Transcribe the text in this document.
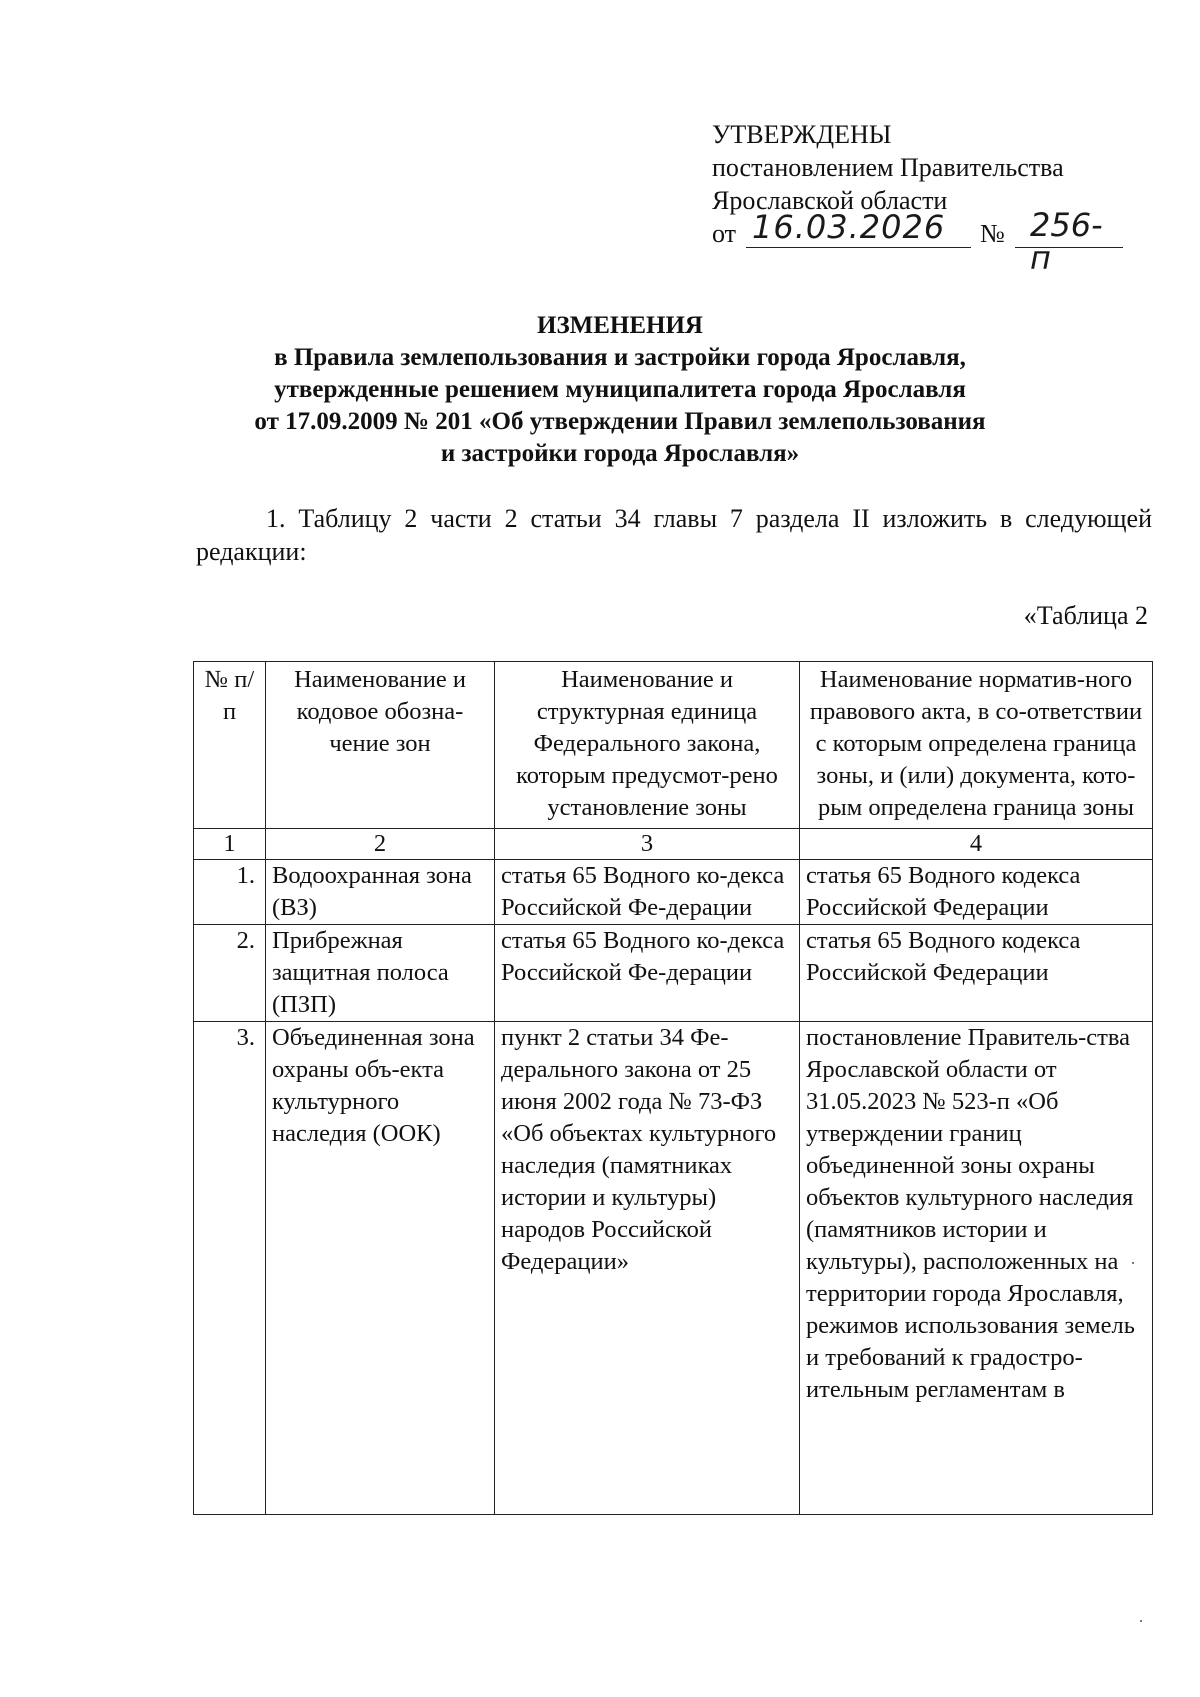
УТВЕРЖДЕНЫ
постановлением Правительства
Ярославской области
от 16.03.2026 № 256-п
ИЗМЕНЕНИЯ
в Правила землепользования и застройки города Ярославля,
утвержденные решением муниципалитета города Ярославля
от 17.09.2009 № 201 «Об утверждении Правил землепользования
и застройки города Ярославля»
1. Таблицу 2 части 2 статьи 34 главы 7 раздела II изложить в следующей редакции:
«Таблица 2
№ п/п	Наименование и кодовое обозна-чение зон	Наименование и структурная единица Федерального закона, которым предусмот-рено установление зоны	Наименование норматив-ного правового акта, в со-ответствии с которым определена граница зоны, и (или) документа, кото-рым определена граница зоны
1	2	3	4
1.	Водоохранная зона (ВЗ)	статья 65 Водного ко-декса Российской Фе-дерации	статья 65 Водного кодекса Российской Федерации
2.	Прибрежная защитная полоса (ПЗП)	статья 65 Водного ко-декса Российской Фе-дерации	статья 65 Водного кодекса Российской Федерации
3.	Объединенная зона охраны объ-екта культурного наследия (ООК)	пункт 2 статьи 34 Фе-дерального закона от 25 июня 2002 года № 73-ФЗ «Об объектах культурного наследия (памятниках истории и культуры) народов Российской Федерации»	постановление Правитель-ства Ярославской области от 31.05.2023 № 523-п «Об утверждении границ объединенной зоны охраны объектов культурного наследия (памятников истории и культуры), расположенных на территории города Ярославля, режимов использования земель и требований к градостро-ительным регламентам в
